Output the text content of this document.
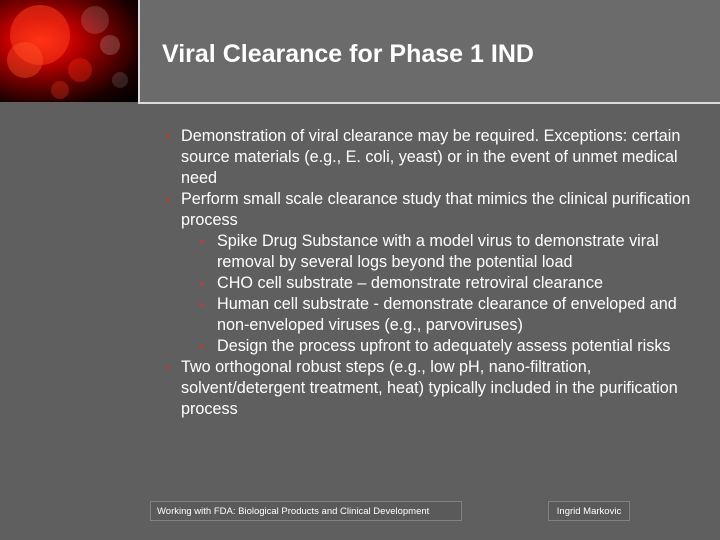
Viral Clearance for Phase 1 IND
▪ Demonstration of viral clearance may be required. Exceptions: certain source materials (e.g., E. coli, yeast) or in the event of unmet medical need
▪ Perform small scale clearance study that mimics the clinical purification process
▪ Spike Drug Substance with a model virus to demonstrate viral removal by several logs beyond the potential load
▪ CHO cell substrate – demonstrate retroviral clearance
▪ Human cell substrate - demonstrate clearance of enveloped and non-enveloped viruses (e.g., parvoviruses)
▪ Design the process upfront to adequately assess potential risks
▪ Two orthogonal robust steps (e.g., low pH, nano-filtration, solvent/detergent treatment, heat) typically included in the purification process
Working with FDA: Biological Products and Clinical Development	Ingrid Markovic
